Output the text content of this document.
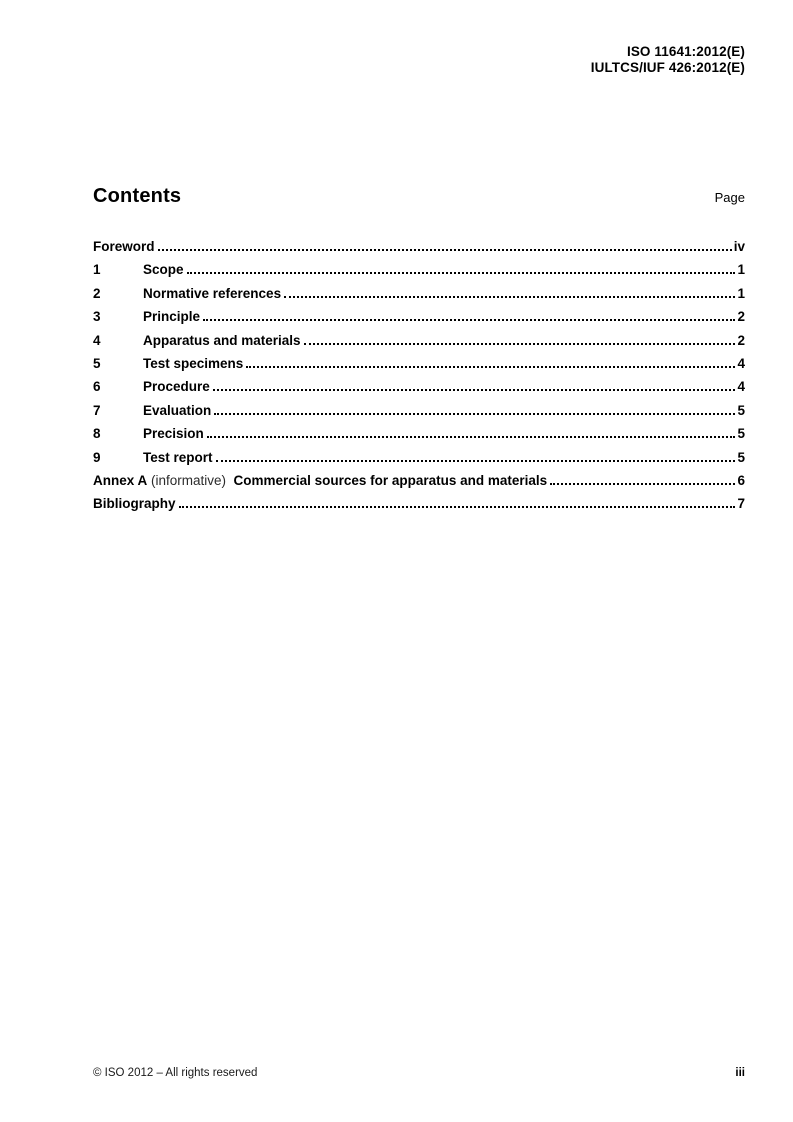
ISO 11641:2012(E)
IULTCS/IUF 426:2012(E)
Contents	Page
Foreword	iv
1	Scope	1
2	Normative references	1
3	Principle	2
4	Apparatus and materials	2
5	Test specimens	4
6	Procedure	4
7	Evaluation	5
8	Precision	5
9	Test report	5
Annex A (informative) Commercial sources for apparatus and materials	6
Bibliography	7
© ISO 2012 – All rights reserved	iii
